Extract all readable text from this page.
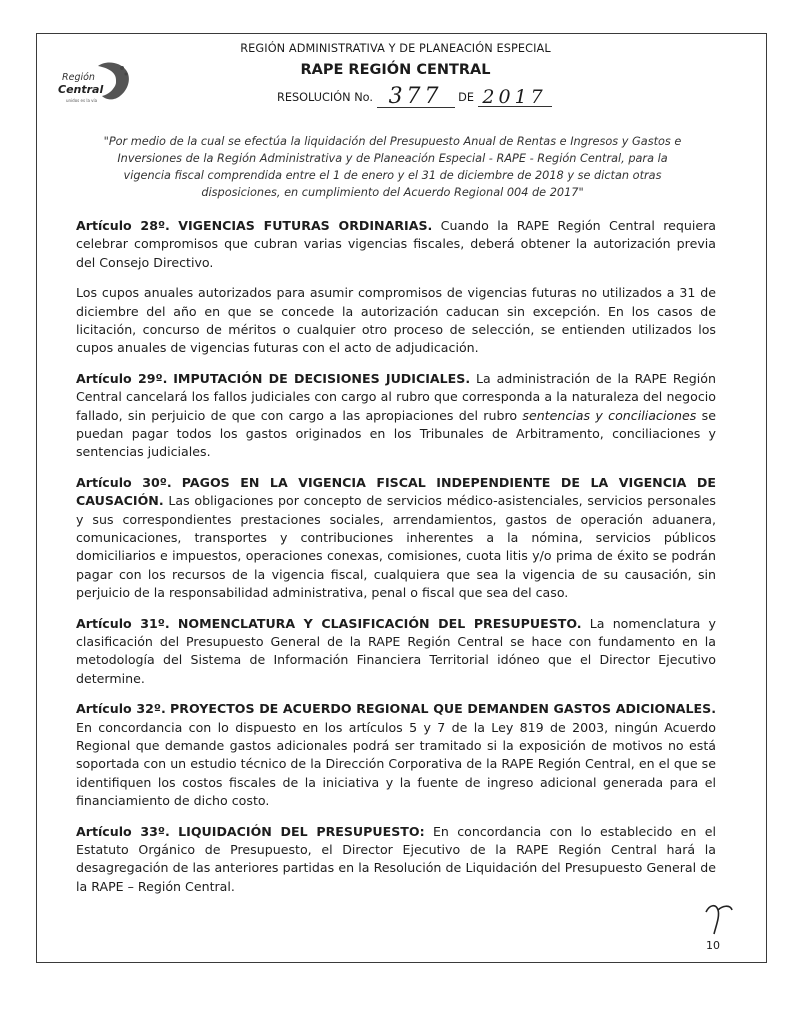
Región
Central
unidos es la vía
REGIÓN ADMINISTRATIVA Y DE PLANEACIÓN ESPECIAL
RAPE REGIÓN CENTRAL
RESOLUCIÓN No. 377 DE 2017
"Por medio de la cual se efectúa la liquidación del Presupuesto Anual de Rentas e Ingresos y Gastos e Inversiones de la Región Administrativa y de Planeación Especial - RAPE - Región Central, para la vigencia fiscal comprendida entre el 1 de enero y el 31 de diciembre de 2018 y se dictan otras disposiciones, en cumplimiento del Acuerdo Regional 004 de 2017"

Artículo 28º. VIGENCIAS FUTURAS ORDINARIAS. Cuando la RAPE Región Central requiera celebrar compromisos que cubran varias vigencias fiscales, deberá obtener la autorización previa del Consejo Directivo.

Los cupos anuales autorizados para asumir compromisos de vigencias futuras no utilizados a 31 de diciembre del año en que se concede la autorización caducan sin excepción. En los casos de licitación, concurso de méritos o cualquier otro proceso de selección, se entienden utilizados los cupos anuales de vigencias futuras con el acto de adjudicación.

Artículo 29º. IMPUTACIÓN DE DECISIONES JUDICIALES. La administración de la RAPE Región Central cancelará los fallos judiciales con cargo al rubro que corresponda a la naturaleza del negocio fallado, sin perjuicio de que con cargo a las apropiaciones del rubro sentencias y conciliaciones se puedan pagar todos los gastos originados en los Tribunales de Arbitramento, conciliaciones y sentencias judiciales.

Artículo 30º. PAGOS EN LA VIGENCIA FISCAL INDEPENDIENTE DE LA VIGENCIA DE CAUSACIÓN. Las obligaciones por concepto de servicios médico-asistenciales, servicios personales y sus correspondientes prestaciones sociales, arrendamientos, gastos de operación aduanera, comunicaciones, transportes y contribuciones inherentes a la nómina, servicios públicos domiciliarios e impuestos, operaciones conexas, comisiones, cuota litis y/o prima de éxito se podrán pagar con los recursos de la vigencia fiscal, cualquiera que sea la vigencia de su causación, sin perjuicio de la responsabilidad administrativa, penal o fiscal que sea del caso.

Artículo 31º. NOMENCLATURA Y CLASIFICACIÓN DEL PRESUPUESTO. La nomenclatura y clasificación del Presupuesto General de la RAPE Región Central se hace con fundamento en la metodología del Sistema de Información Financiera Territorial idóneo que el Director Ejecutivo determine.

Artículo 32º. PROYECTOS DE ACUERDO REGIONAL QUE DEMANDEN GASTOS ADICIONALES. En concordancia con lo dispuesto en los artículos 5 y 7 de la Ley 819 de 2003, ningún Acuerdo Regional que demande gastos adicionales podrá ser tramitado si la exposición de motivos no está soportada con un estudio técnico de la Dirección Corporativa de la RAPE Región Central, en el que se identifiquen los costos fiscales de la iniciativa y la fuente de ingreso adicional generada para el financiamiento de dicho costo.

Artículo 33º. LIQUIDACIÓN DEL PRESUPUESTO: En concordancia con lo establecido en el Estatuto Orgánico de Presupuesto, el Director Ejecutivo de la RAPE Región Central hará la desagregación de las anteriores partidas en la Resolución de Liquidación del Presupuesto General de la RAPE – Región Central.

10
